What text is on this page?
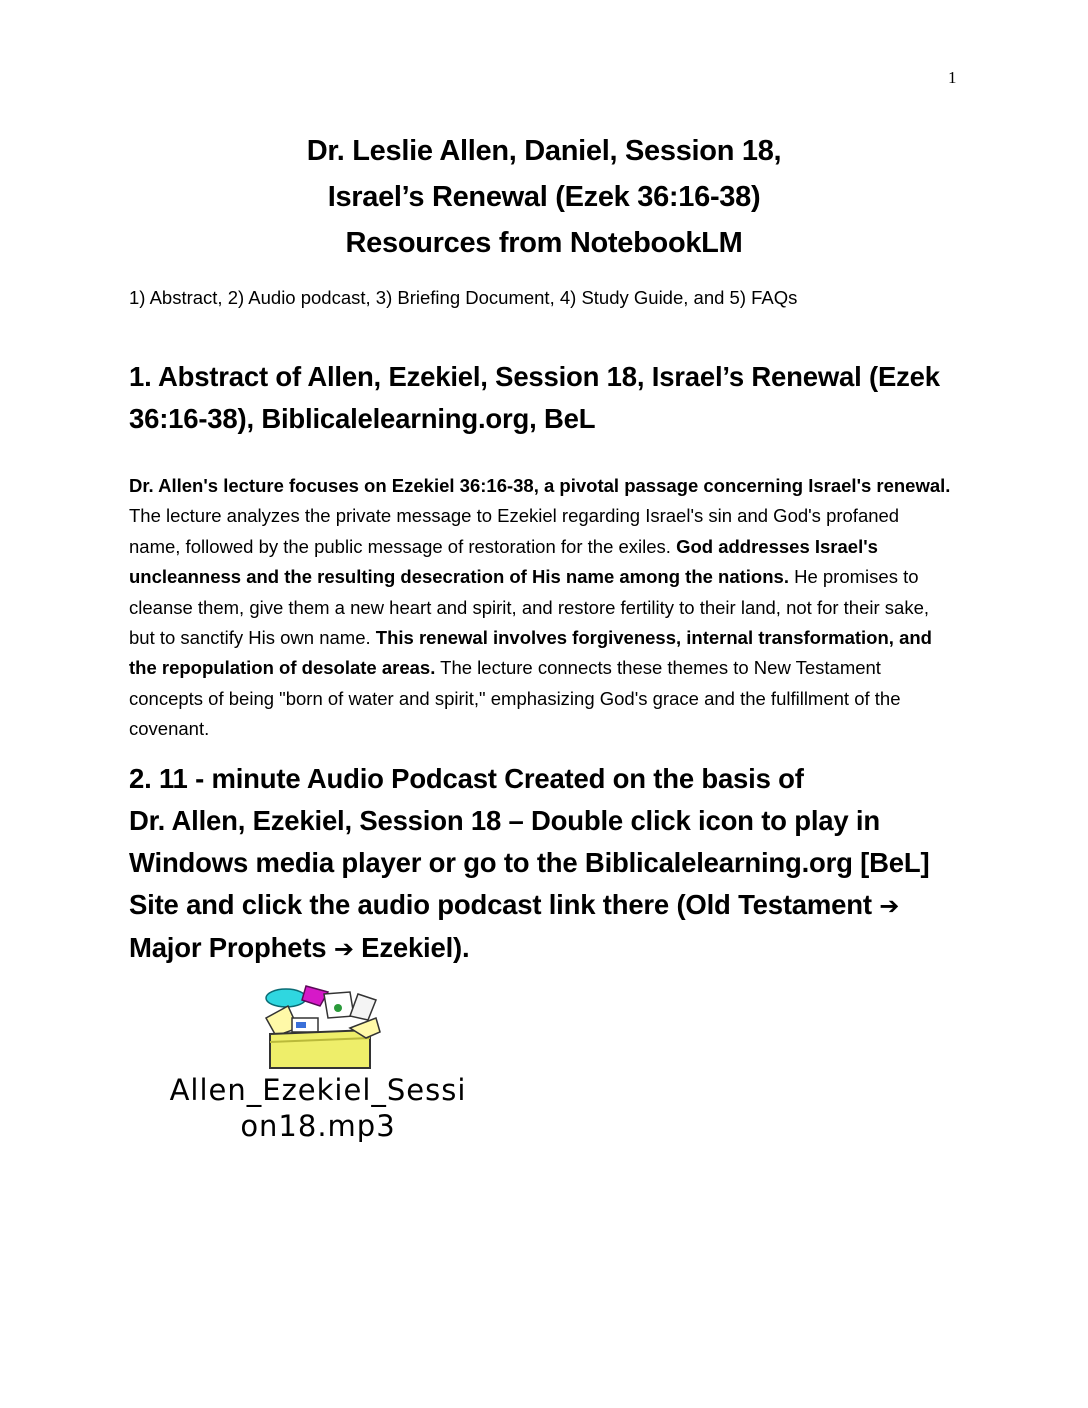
1
Dr. Leslie Allen, Daniel, Session 18,
Israel’s Renewal (Ezek 36:16-38)
Resources from NotebookLM
1) Abstract, 2) Audio podcast, 3) Briefing Document, 4) Study Guide, and 5) FAQs
1. Abstract of Allen, Ezekiel, Session 18, Israel’s Renewal (Ezek 36:16-38), Biblicalelearning.org, BeL
Dr. Allen's lecture focuses on Ezekiel 36:16-38, a pivotal passage concerning Israel's renewal. The lecture analyzes the private message to Ezekiel regarding Israel's sin and God's profaned name, followed by the public message of restoration for the exiles. God addresses Israel's uncleanness and the resulting desecration of His name among the nations. He promises to cleanse them, give them a new heart and spirit, and restore fertility to their land, not for their sake, but to sanctify His own name. This renewal involves forgiveness, internal transformation, and the repopulation of desolate areas. The lecture connects these themes to New Testament concepts of being "born of water and spirit," emphasizing God's grace and the fulfillment of the covenant.
2. 11 - minute Audio Podcast Created on the basis of
Dr. Allen, Ezekiel, Session 18 – Double click icon to play in Windows media player or go to the Biblicalelearning.org [BeL] Site and click the audio podcast link there (Old Testament ➔ Major Prophets ➔ Ezekiel).
Allen_Ezekiel_Sessi
on18.mp3
